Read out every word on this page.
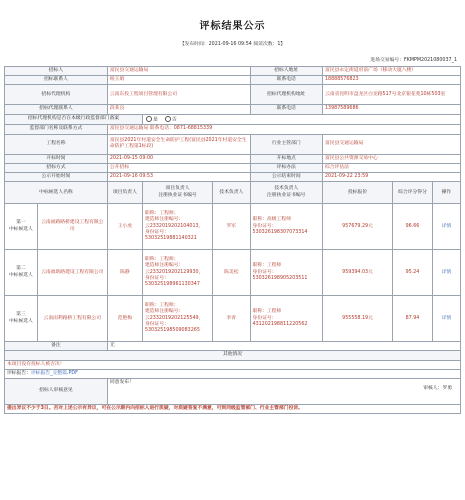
评标结果公示
【发布时间：2021-09-16 09:54 阅读次数：1】
进场交易编号：FKMPM2021080037_1
招标人		富民县交通运输局			招标人地址	富民县永定街道府前广场（移动大厦八楼）		
招标联系人		杨玉娟			联系电话	18888576823		
招标代理机构		云南东投工程项目管理有限公司			招标代理机构地址	云南省昆明市盘龙区白龙路517号北京银花苑10栋503室		
招标代理联系人		段莱良			联系电话	13987589686		
招标代理机构是否在本级行政监督部门备案			是 否					
监督部门名称及联系方式		富民县交通运输局 联系电话：0871-68815339						
工程名称		富民县2021年村道安全生命防护工程(富民县2021年村道安全生命防护工程第1标段)			行业主管部门	富民县交通运输局		
开标时间		2021-09-15 09:00			开标地点	富民县公共资源交易中心		
招标方式		公开招标			评标办法	综合评估法		
公示开始时间		2021-09-16 09:53			公示结束时间	2021-09-22 23:59		
中标候选人名称		项目负责人	项目负责人
注册执业证书编号	技术负责人	技术负责人
注册执业证书编号	投标报价	综合评分得分	操作
第一
中标候选人	云南福路路桥建设工程有限公司	王小虎	职称：工程师；
建造师注册编号：
云2332019202104013，
身份证号：
53032519881140321	罗军	职称：高级工程师
身份证号：
530326198307073314	957679.29元	96.66	详情
第二
中标候选人	云南福助路建设工程有限公司	陈静	职称：工程师；
建造师注册编号：
云2332019202129930，
身份证号：
530325198961130347	陈美松	职称：工程师
身份证号：
530326198905203511	959394.03元	95.24	详情
第三
中标候选人	云南雨利路桥工程有限公司	范艳梅	职称：工程师；
建造师注册编号：
云2332019202125549，
身份证号：
530325198509083265	李青	职称：工程师
身份证号：
431202198811220562	955558.19元	87.94	详情
备注		无						
其他情况								
本项目没有投标人被否决！								
评标报告：评标报告_完整篇.PDF								
招标人审核意见		同意发布！
审核人：罗勇						

提出异议不少于3日。否对上述公示有异议，可在公示期内向招标人进行质疑，对质疑答复不满意，可到同级监管部门、行业主管部门投诉。								
